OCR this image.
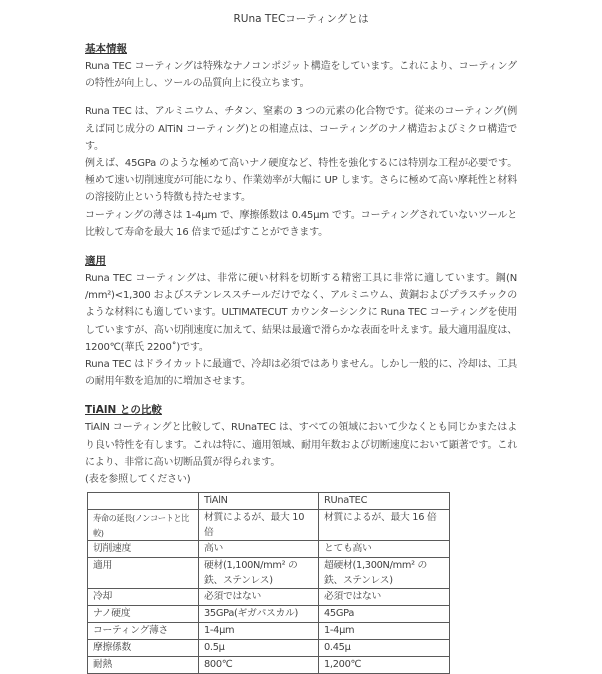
RUna TECコーティングとは
基本情報

Runa TEC コーティングは特殊なナノコンポジット構造をしています。これにより、コーティングの特性が向上し、ツールの品質向上に役立ちます。

Runa TEC は、アルミニウム、チタン、窒素の 3 つの元素の化合物です。従来のコーティング(例えば同じ成分の AlTiN コーティング)との相違点は、コーティングのナノ構造およびミクロ構造です。

例えば、45GPa のような極めて高いナノ硬度など、特性を強化するには特別な工程が必要です。極めて速い切削速度が可能になり、作業効率が大幅に UP します。さらに極めて高い摩耗性と材料の溶接防止という特徴も持たせます。

コーティングの薄さは 1-4μm で、摩擦係数は 0.45μm です。コーティングされていないツールと比較して寿命を最大 16 倍まで延ばすことができます。

適用

Runa TEC コーティングは、非常に硬い材料を切断する精密工具に非常に適しています。鋼(N /mm²)<1,300 およびステンレススチールだけでなく、アルミニウム、黄銅およびプラスチックのような材料にも適しています。ULTIMATECUT カウンターシンクに Runa TEC コーティングを使用していますが、高い切削速度に加えて、結果は最適で滑らかな表面を叶えます。最大適用温度は、1200℃(華氏 2200˚)です。

Runa TEC はドライカットに最適で、冷却は必須ではありません。しかし一般的に、冷却は、工具の耐用年数を追加的に増加させます。

TiAlN との比較

TiAlN コーティングと比較して、RUnaTEC は、すべての領域において少なくとも同じかまたはより良い特性を有します。これは特に、適用領域、耐用年数および切断速度において顕著です。これにより、非常に高い切断品質が得られます。

(表を参照してください)

	TiAlN	RUnaTEC
寿命の延長(ノンコートと比較)	材質によるが、最大 10 倍	材質によるが、最大 16 倍
切削速度	高い	とても高い
適用	硬材(1,100N/mm² の鉄、ステンレス)	超硬材(1,300N/mm² の鉄、ステンレス)
冷却	必須ではない	必須ではない
ナノ硬度	35GPa(ギガパスカル)	45GPa
コーティング薄さ	1-4μm	1-4μm
摩擦係数	0.5μ	0.45μ
耐熱	800℃	1,200℃
